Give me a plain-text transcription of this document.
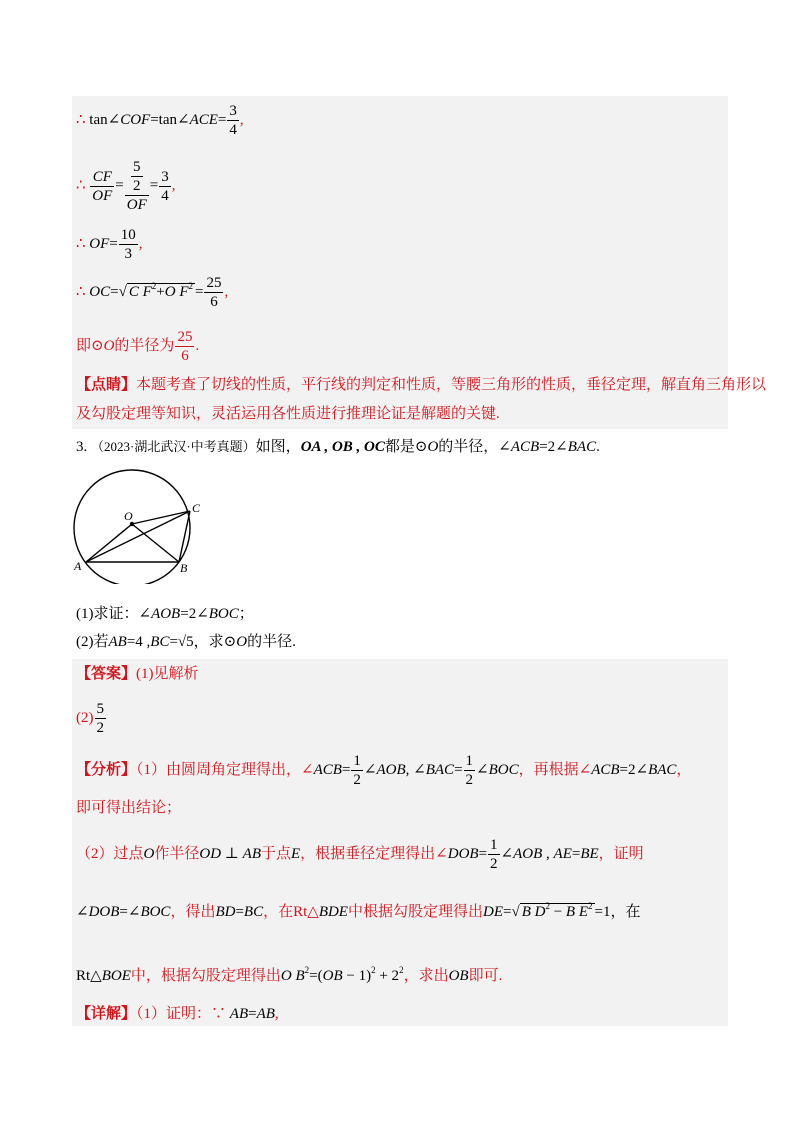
∴ tan∠COF=tan∠ACE= $\frac{3}{4}$ ,
∴ $\frac{CF}{OF} = \frac{\frac{5}{2}}{OF} = \frac{3}{4}$ ,
∴ $OF= \frac{10}{3}$ ,
∴ OC=√ C $F^2+O$ $F^2 = \frac{25}{6}$ ,
即⊙O的半径为 $\frac{25}{6}$ .
【点睛】本题考查了切线的性质，平行线的判定和性质，等腰三角形的性质，垂径定理，解直角三角形以
及勾股定理等知识，灵活运用各性质进行推理论证是解题的关键.
3. （2023·湖北武汉·中考真题）如图，OA , OB , OC都是⊙O的半径，∠ACB=2∠BAC.
O
C
A	B
(1)求证：∠AOB=2∠BOC；
(2)若AB=4 ,BC=√5，求⊙O的半径.
【答案】(1)见解析
$(2) \frac{5}{2}$
【分析】（1）由圆周角定理得出，∠ACB= $\frac{1}{2}$ ∠AOB, ∠BAC= $\frac{1}{2}$ ∠BOC，再根据∠ACB=2∠BAC，
即可得出结论；
（2）过点O作半径OD ⊥ AB于点E，根据垂径定理得出∠DOB= $\frac{1}{2}$ ∠AOB , AE=BE，证明
∠DOB=∠BOC，得出BD=BC，在Rt△BDE中根据勾股定理得出DE=√ B $D^2 - B$ $E^2 =1$，在
Rt△BOE中，根据勾股定理得出O $B^2=(OB - 1)^2 + 2^2$，求出OB即可.
【详解】（1）证明：∵ AB=AB,
